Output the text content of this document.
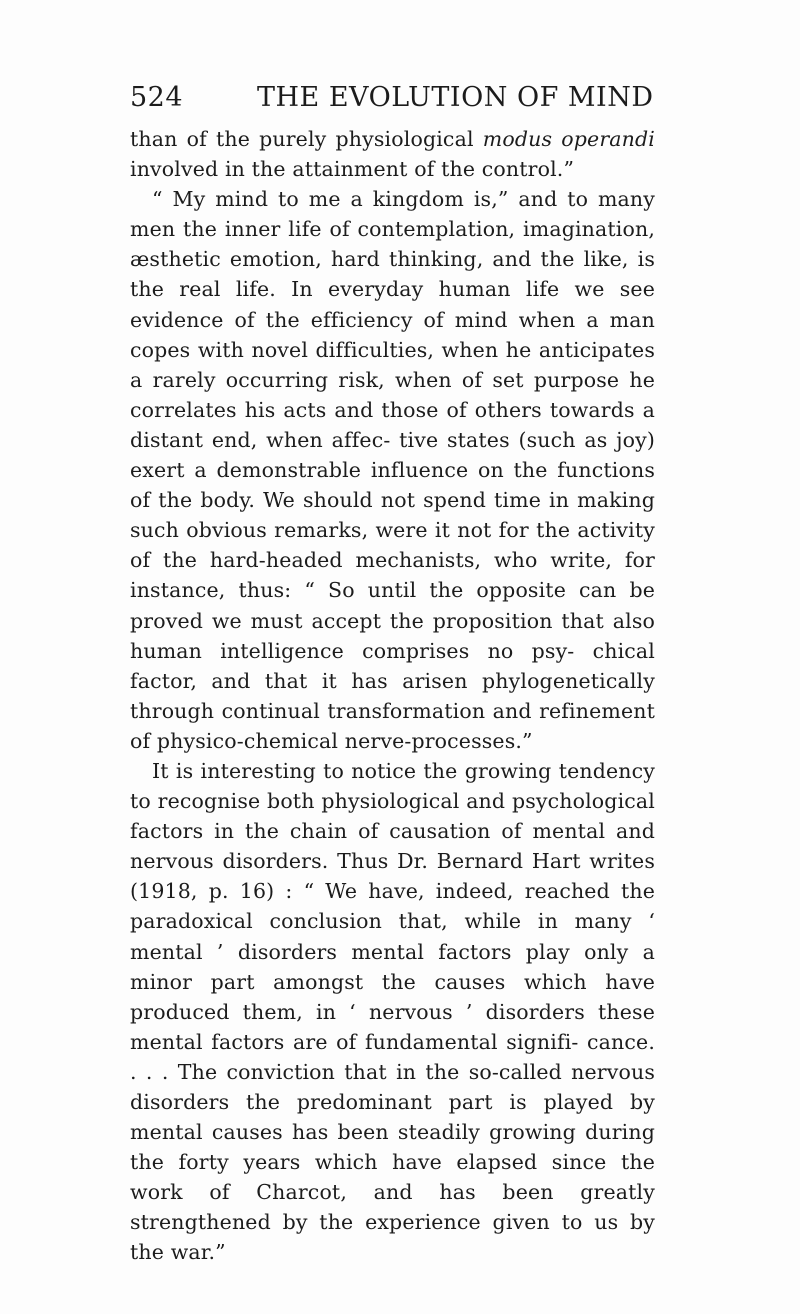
524	THE EVOLUTION OF MIND

than of the purely physiological modus operandi involved in the attainment of the control.”

“ My mind to me a kingdom is,” and to many men the inner life of contemplation, imagination, æsthetic emotion, hard thinking, and the like, is the real life. In everyday human life we see evidence of the efficiency of mind when a man copes with novel difficulties, when he anticipates a rarely occurring risk, when of set purpose he correlates his acts and those of others towards a distant end, when affec- tive states (such as joy) exert a demonstrable influence on the functions of the body. We should not spend time in making such obvious remarks, were it not for the activity of the hard-headed mechanists, who write, for instance, thus: “ So until the opposite can be proved we must accept the proposition that also human intelligence comprises no psy- chical factor, and that it has arisen phylogenetically through continual transformation and refinement of physico-chemical nerve-processes.”

It is interesting to notice the growing tendency to recognise both physiological and psychological factors in the chain of causation of mental and nervous disorders. Thus Dr. Bernard Hart writes (1918, p. 16) : “ We have, indeed, reached the paradoxical conclusion that, while in many ‘ mental ’ disorders mental factors play only a minor part amongst the causes which have produced them, in ‘ nervous ’ disorders these mental factors are of fundamental signifi- cance. . . . The conviction that in the so-called nervous disorders the predominant part is played by mental causes has been steadily growing during the forty years which have elapsed since the work of Charcot, and has been greatly strengthened by the experience given to us by the war.”
